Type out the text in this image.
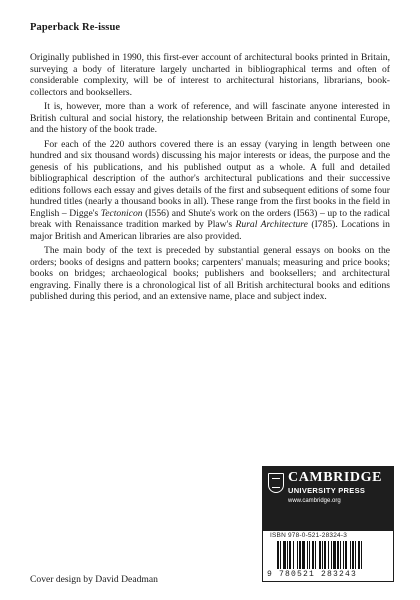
Paperback Re-issue

Originally published in 1990, this first-ever account of architectural books printed in Britain, surveying a body of literature largely uncharted in bibliographical terms and often of considerable complexity, will be of interest to architectural historians, librarians, book-collectors and booksellers.

It is, however, more than a work of reference, and will fascinate anyone interested in British cultural and social history, the relationship between Britain and continental Europe, and the history of the book trade.

For each of the 220 authors covered there is an essay (varying in length between one hundred and six thousand words) discussing his major interests or ideas, the purpose and the genesis of his publications, and his published output as a whole. A full and detailed bibliographical description of the author's architectural publications and their successive editions follows each essay and gives details of the first and subsequent editions of some four hundred titles (nearly a thousand books in all). These range from the first books in the field in English – Digge's Tectonicon (I556) and Shute's work on the orders (I563) – up to the radical break with Renaissance tradition marked by Plaw's Rural Architecture (I785). Locations in major British and American libraries are also provided.

The main body of the text is preceded by substantial general essays on books on the orders; books of designs and pattern books; carpenters' manuals; measuring and price books; books on bridges; archaeological books; publishers and booksellers; and architectural engraving. Finally there is a chronological list of all British architectural books and editions published during this period, and an extensive name, place and subject index.

CAMBRIDGE
UNIVERSITY PRESS
www.cambridge.org
ISBN 978-0-521-28324-3
9 780521 283243
Cover design by David Deadman
